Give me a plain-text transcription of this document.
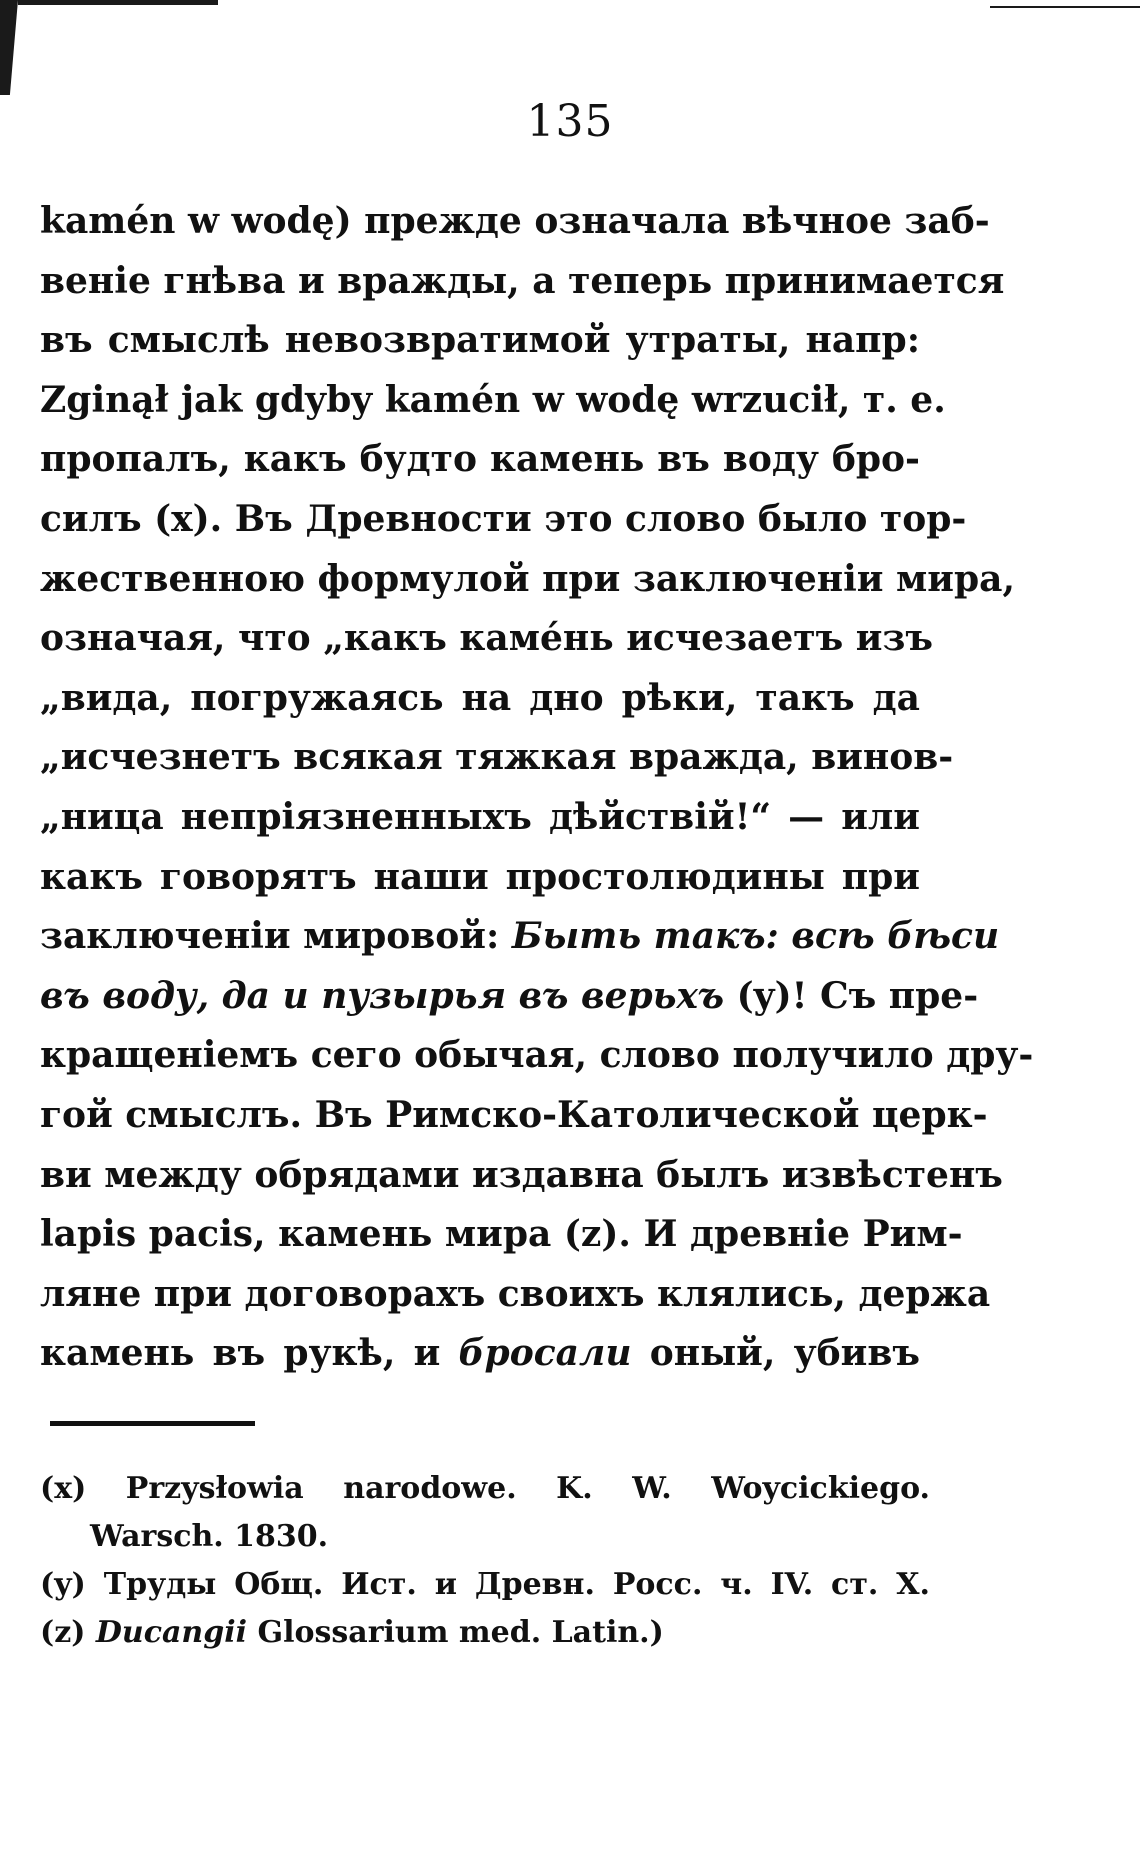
135
kamén w wodę) прежде означала вѣчное заб-
венie гнѣва и вражды, а теперь принимается
въ смыслѣ невозвратимой утраты, напр:
Zginął jak gdyby kamén w wodę wrzucił, т. е.
пропалъ, какъ будто камень въ воду бро-
силъ (x). Въ Древности это слово было тор-
жественною формулой при заключенiи мира,
означая, что „какъ камéнь исчезаетъ изъ
„вида, погружаясь на дно рѣки, такъ да
„исчезнетъ всякая тяжкая вражда, винов-
„ница непрiязненныхъ дѣйствiй!“ — или
какъ говорятъ наши простолюдины при
заключенiи мировой: Быть такъ: всѣ бѣси
въ воду, да и пузырья въ верьхъ (y)! Съ пре-
кращенiемъ сего обычая, слово получило дру-
гой смыслъ. Въ Римско-Католической церк-
ви между обрядами издавна былъ извѣстенъ
lapis pacis, камень мира (z). И древнiе Рим-
ляне при договорахъ своихъ клялись, держа
камень въ рукѣ, и бросали оный, убивъ
(x) Przysłowia narodowe. K. W. Woycickiego.
Warsch. 1830.
(y) Труды Общ. Ист. и Древн. Росс. ч. IV. ст. X.
(z) Ducangii Glossarium med. Latin.)
